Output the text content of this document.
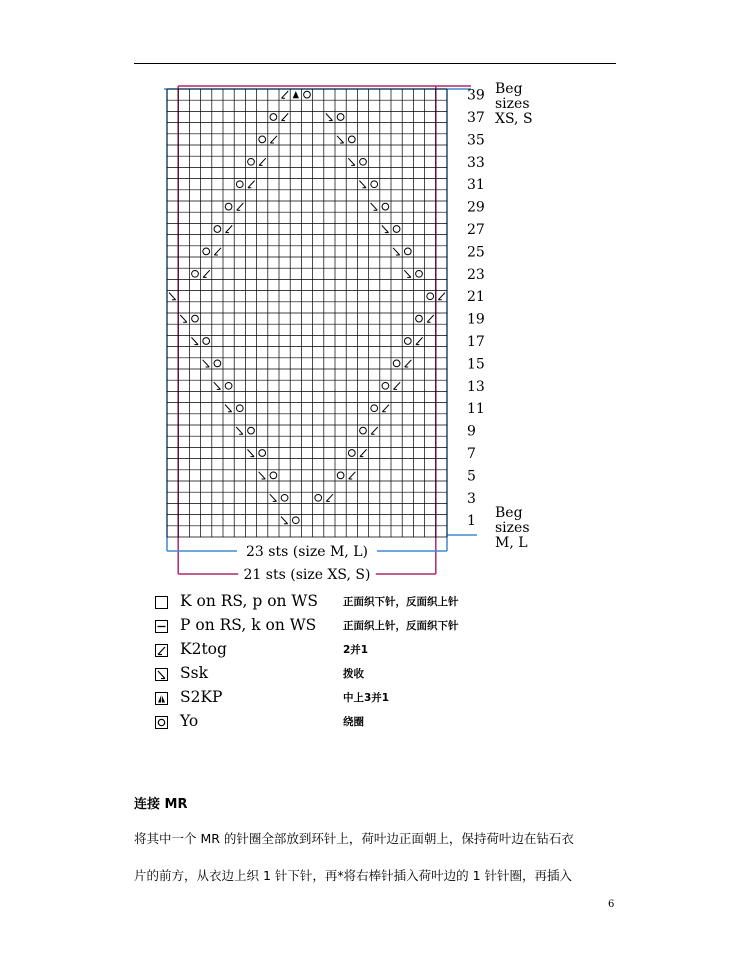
39
37
35
33
31
29
27
25
23
21
19
17
15
13
11
9
7
5
3
1
Beg
sizes
XS, S
Beg
sizes
M, L
23 sts (size M, L)
21 sts (size XS, S)
K on RS, p on WS 正面织下针，反面织上针
P on RS, k on WS	正面织上针，反面织下针
K2tog	2并1
Ssk	拨收
S2KP	中上3并1
Yo	绕圈
连接 MR
将其中一个 MR 的针圈全部放到环针上，荷叶边正面朝上，保持荷叶边在钻石衣
片的前方，从衣边上织 1 针下针，再*将右棒针插入荷叶边的 1 针针圈，再插入
6
